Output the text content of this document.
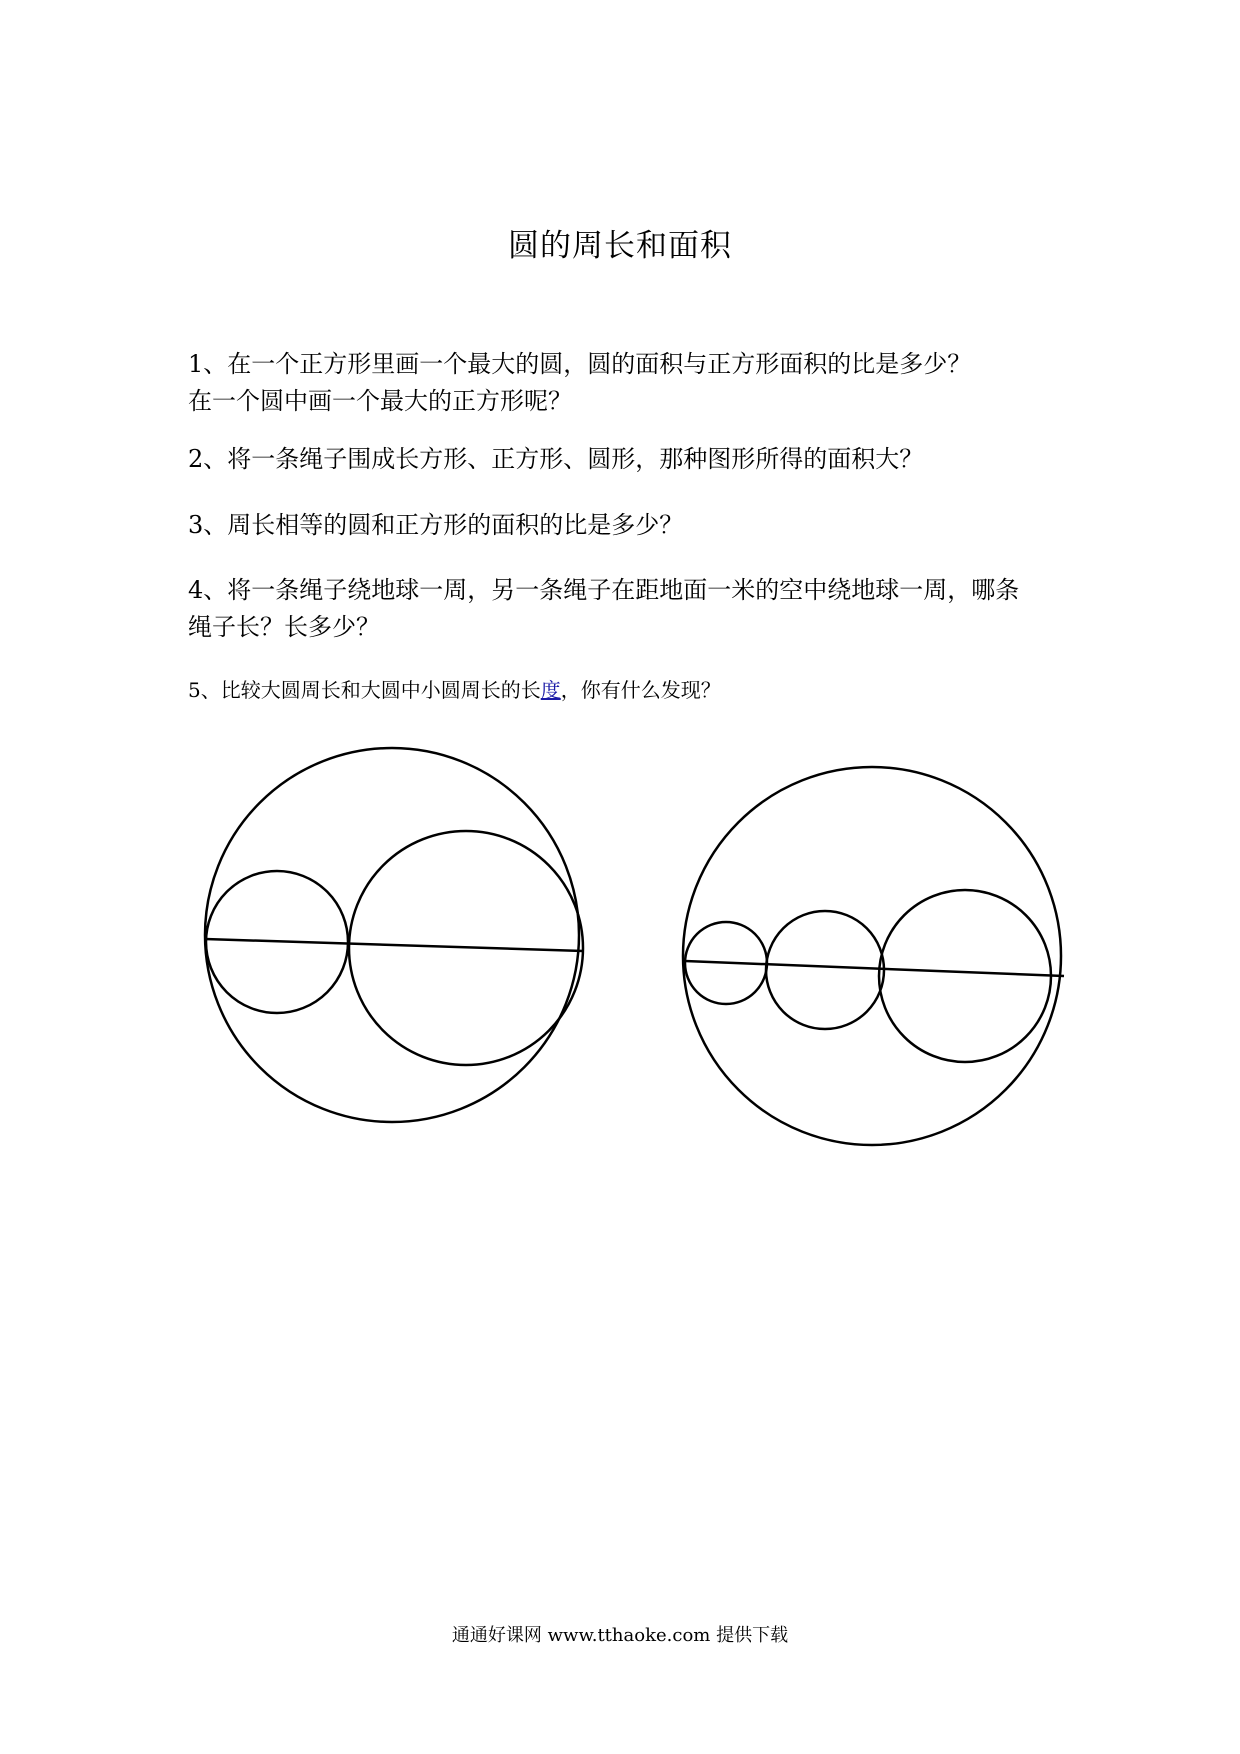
圆的周长和面积
1、在一个正方形里画一个最大的圆，圆的面积与正方形面积的比是多少？
在一个圆中画一个最大的正方形呢？
2、将一条绳子围成长方形、正方形、圆形，那种图形所得的面积大？
3、周长相等的圆和正方形的面积的比是多少？
4、将一条绳子绕地球一周，另一条绳子在距地面一米的空中绕地球一周，哪条
绳子长？长多少？
5、比较大圆周长和大圆中小圆周长的长度，你有什么发现？
通通好课网 www.tthaoke.com 提供下载
